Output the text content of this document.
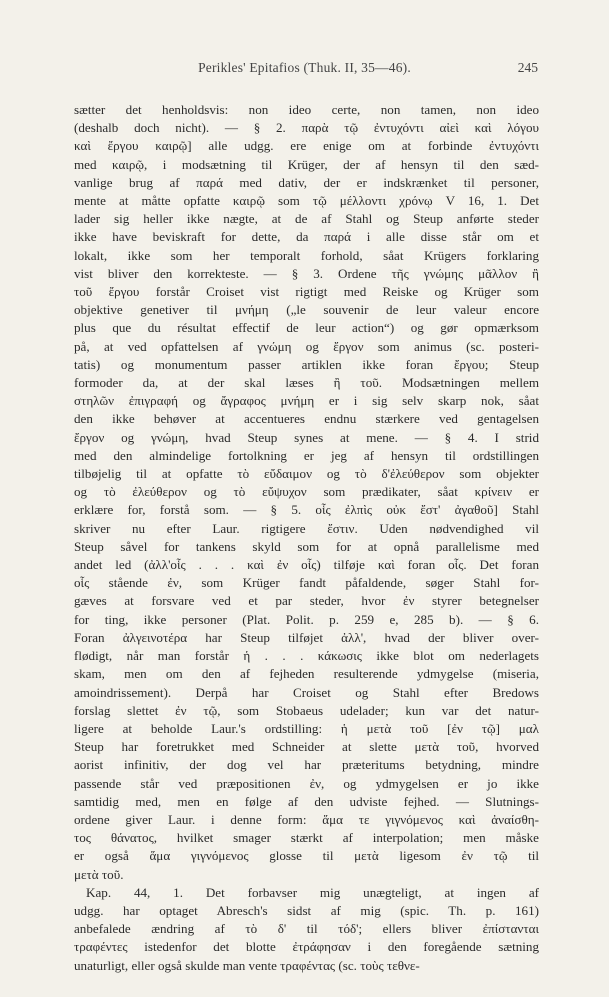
Perikles' Epitafios (Thuk. II, 35—46).	245
sætter det henholdsvis: non ideo certe, non tamen, non ideo
(deshalb doch nicht). — § 2. παρὰ τῷ ἐντυχόντι αἰεὶ καὶ λόγου
καὶ ἔργου καιρῷ] alle udgg. ere enige om at forbinde ἐντυχόντι
med καιρῷ, i modsætning til Krüger, der af hensyn til den sæd-
vanlige brug af παρά med dativ, der er indskrænket til personer,
mente at måtte opfatte καιρῷ som τῷ μέλλοντι χρόνῳ V 16, 1. Det
lader sig heller ikke nægte, at de af Stahl og Steup anførte steder
ikke have beviskraft for dette, da παρά i alle disse står om et
lokalt, ikke som her temporalt forhold, såat Krügers forklaring
vist bliver den korrekteste. — § 3. Ordene τῆς γνώμης μᾶλλον ἢ
τοῦ ἔργου forstår Croiset vist rigtigt med Reiske og Krüger som
objektive genetiver til μνήμη („le souvenir de leur valeur encore
plus que du résultat effectif de leur action“) og gør opmærksom
på, at ved opfattelsen af γνώμη og ἔργον som animus (sc. posteri-
tatis) og monumentum passer artiklen ikke foran ἔργου; Steup
formoder da, at der skal læses ἢ τοῦ. Modsætningen mellem
στηλῶν ἐπιγραφή og ἄγραφος μνήμη er i sig selv skarp nok, såat
den ikke behøver at accentueres endnu stærkere ved gentagelsen
ἔργον og γνώμη, hvad Steup synes at mene. — § 4. I strid
med den almindelige fortolkning er jeg af hensyn til ordstillingen
tilbøjelig til at opfatte τὸ εὔδαιμον og τὸ δ'ἐλεύθερον som objekter
og τὸ ἐλεύθερον og τὸ εὔψυχον som prædikater, såat κρίνειν er
erklære for, forstå som. — § 5. οἷς ἐλπὶς οὐκ ἔστ' ἀγαθοῦ] Stahl
skriver nu efter Laur. rigtigere ἔστιν. Uden nødvendighed vil
Steup såvel for tankens skyld som for at opnå parallelisme med
andet led (ἀλλ'οἷς . . . καὶ ἐν οἷς) tilføje καὶ foran οἷς. Det foran
οἷς stående ἐν, som Krüger fandt påfaldende, søger Stahl for-
gæves at forsvare ved et par steder, hvor ἐν styrer betegnelser
for ting, ikke personer (Plat. Polit. p. 259 e, 285 b). — § 6.
Foran ἀλγεινοτέρα har Steup tilføjet ἀλλ', hvad der bliver over-
flødigt, når man forstår ἡ . . . κάκωσις ikke blot om nederlagets
skam, men om den af fejheden resulterende ydmygelse (miseria,
amoindrissement). Derpå har Croiset og Stahl efter Bredows
forslag slettet ἐν τῷ, som Stobaeus udelader; kun var det natur-
ligere at beholde Laur.'s ordstilling: ἡ μετὰ τοῦ [ἐν τῷ] μαλ
Steup har foretrukket med Schneider at slette μετὰ τοῦ, hvorved
aorist infinitiv, der dog vel har præteritums betydning, mindre
passende står ved præpositionen ἐν, og ydmygelsen er jo ikke
samtidig med, men en følge af den udviste fejhed. — Slutnings-
ordene giver Laur. i denne form: ἅμα τε γιγνόμενος καὶ ἀναίσθη-
τος θάνατος, hvilket smager stærkt af interpolation; men måske
er også ἅμα γιγνόμενος glosse til μετὰ ligesom ἐν τῷ til
μετὰ τοῦ.
Kap. 44, 1. Det forbavser mig unægteligt, at ingen af
udgg. har optaget Abresch's sidst af mig (spic. Th. p. 161)
anbefalede ændring af τὸ δ' til τόδ'; ellers bliver ἐπίστανται
τραφέντες istedenfor det blotte ἐτράφησαν i den foregående sætning
unaturligt, eller også skulde man vente τραφέντας (sc. τοὺς τεθνε-
